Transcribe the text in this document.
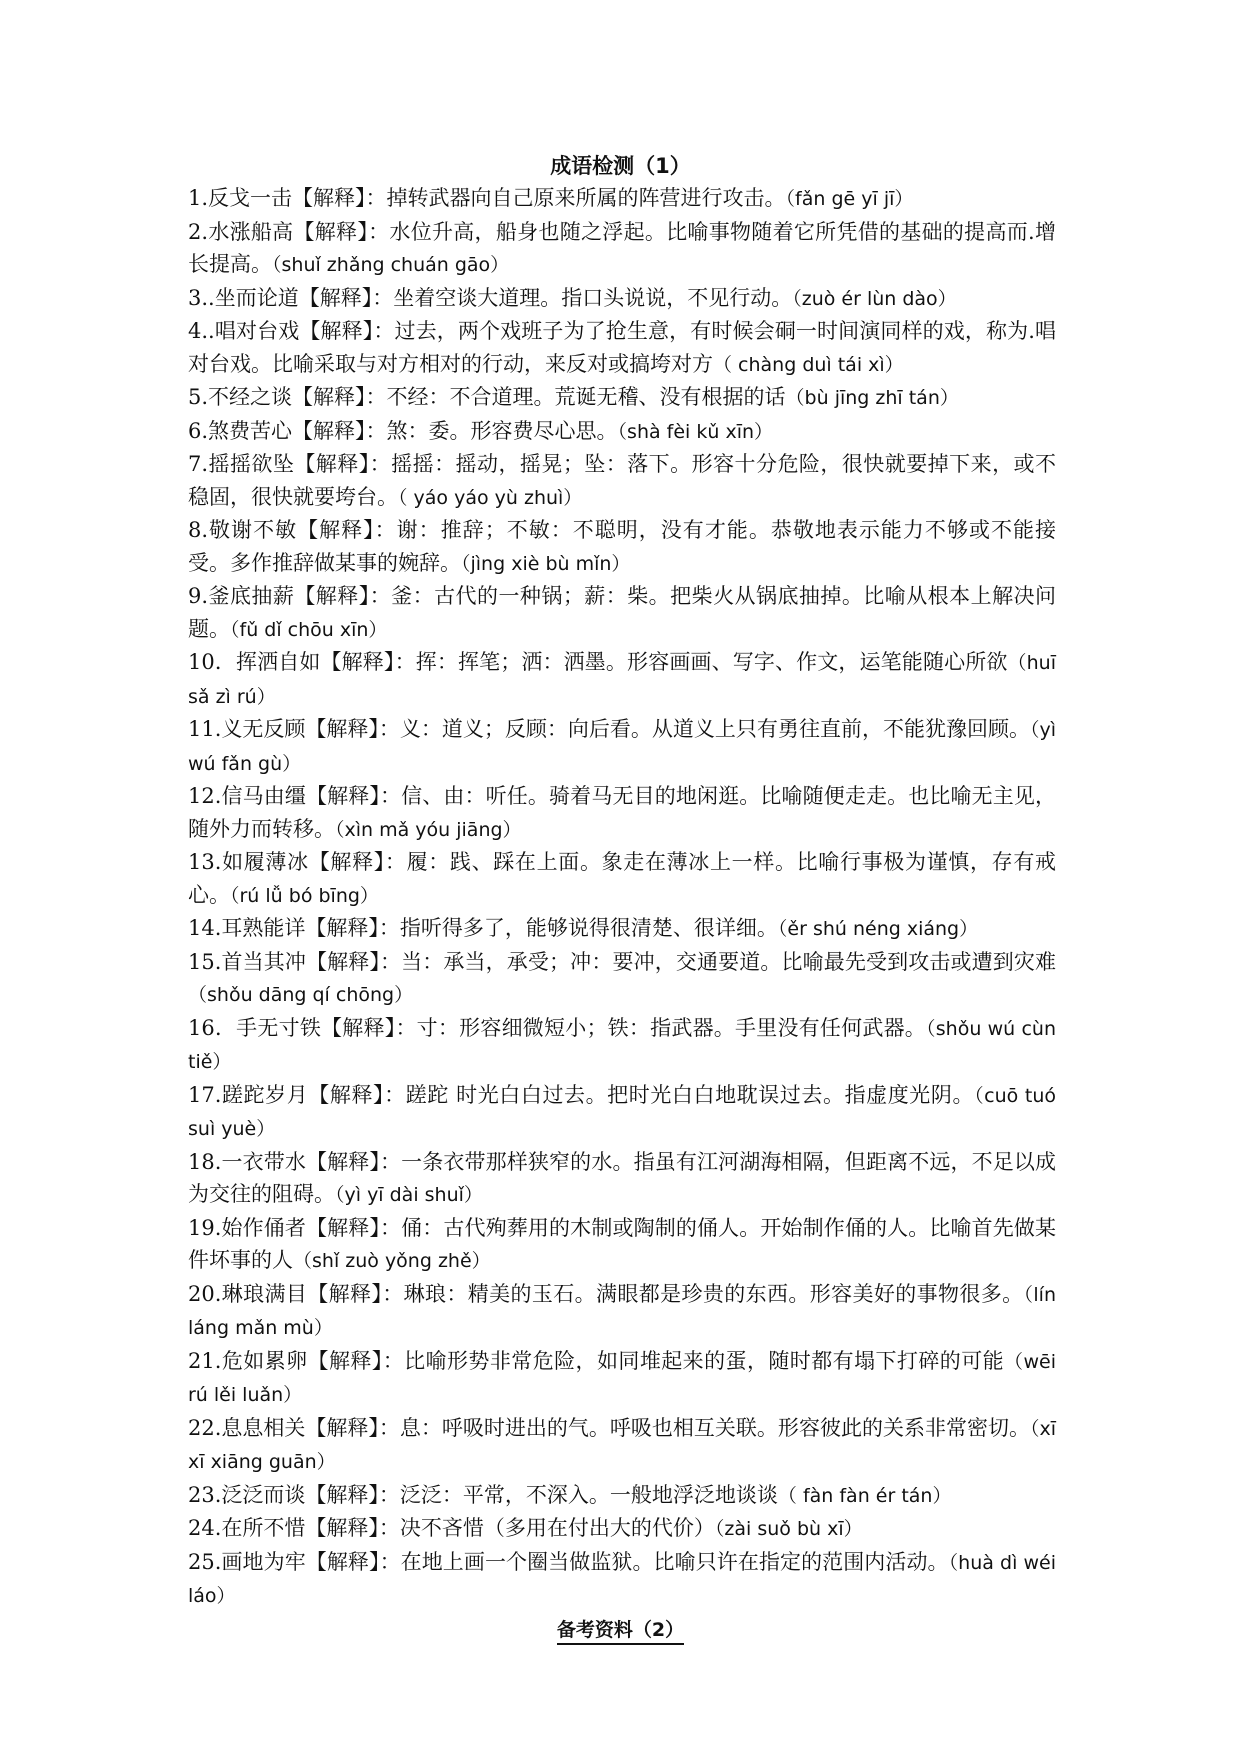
成语检测（1）

1.反戈一击【解释】：掉转武器向自己原来所属的阵营进行攻击。（fǎn gē yī jī）

2.水涨船高【解释】：水位升高，船身也随之浮起。比喻事物随着它所凭借的基础的提高而.增长提高。（shuǐ zhǎng chuán gāo）

3..坐而论道【解释】：坐着空谈大道理。指口头说说，不见行动。（zuò ér lùn dào）

4..唱对台戏【解释】：过去，两个戏班子为了抢生意，有时候会硐一时间演同样的戏，称为.唱对台戏。比喻采取与对方相对的行动，来反对或搞垮对方（ chàng duì tái xì）

5.不经之谈【解释】：不经：不合道理。荒诞无稽、没有根据的话（bù jīng zhī tán）

6.煞费苦心【解释】：煞：委。形容费尽心思。（shà fèi kǔ xīn）

7.摇摇欲坠【解释】：摇摇：摇动，摇晃；坠：落下。形容十分危险，很快就要掉下来，或不稳固，很快就要垮台。（ yáo yáo yù zhuì）

8.敬谢不敏【解释】：谢：推辞；不敏：不聪明，没有才能。恭敬地表示能力不够或不能接受。多作推辞做某事的婉辞。（jìng xiè bù mǐn）

9.釜底抽薪【解释】：釜：古代的一种锅；薪：柴。把柴火从锅底抽掉。比喻从根本上解决问题。（fǔ dǐ chōu xīn）

10．挥洒自如【解释】：挥：挥笔；洒：洒墨。形容画画、写字、作文，运笔能随心所欲（huī sǎ zì rú）

11.义无反顾【解释】：义：道义；反顾：向后看。从道义上只有勇往直前，不能犹豫回顾。（yì wú fǎn gù）

12.信马由缰【解释】：信、由：听任。骑着马无目的地闲逛。比喻随便走走。也比喻无主见，随外力而转移。（xìn mǎ yóu jiāng）

13.如履薄冰【解释】：履：践、踩在上面。象走在薄冰上一样。比喻行事极为谨慎，存有戒心。（rú lǚ bó bīng）

14.耳熟能详【解释】：指听得多了，能够说得很清楚、很详细。（ěr shú néng xiáng）

15.首当其冲【解释】：当：承当，承受；冲：要冲，交通要道。比喻最先受到攻击或遭到灾难（shǒu dāng qí chōng）

16．手无寸铁【解释】：寸：形容细微短小；铁：指武器。手里没有任何武器。（shǒu wú cùn tiě）

17.蹉跎岁月【解释】：蹉跎 时光白白过去。把时光白白地耽误过去。指虚度光阴。（cuō tuó suì yuè）

18.一衣带水【解释】：一条衣带那样狭窄的水。指虽有江河湖海相隔，但距离不远，不足以成为交往的阻碍。（yì yī dài shuǐ）

19.始作俑者【解释】：俑：古代殉葬用的木制或陶制的俑人。开始制作俑的人。比喻首先做某件坏事的人（shǐ zuò yǒng zhě）

20.琳琅满目【解释】：琳琅：精美的玉石。满眼都是珍贵的东西。形容美好的事物很多。（lín láng mǎn mù）

21.危如累卵【解释】：比喻形势非常危险，如同堆起来的蛋，随时都有塌下打碎的可能（wēi rú lěi luǎn）

22.息息相关【解释】：息：呼吸时进出的气。呼吸也相互关联。形容彼此的关系非常密切。（xī xī xiāng guān）

23.泛泛而谈【解释】：泛泛：平常，不深入。一般地浮泛地谈谈（ fàn fàn ér tán）

24.在所不惜【解释】：决不吝惜（多用在付出大的代价）（zài suǒ bù xī）

25.画地为牢【解释】：在地上画一个圈当做监狱。比喻只许在指定的范围内活动。（huà dì wéi láo）

备考资料（2）
